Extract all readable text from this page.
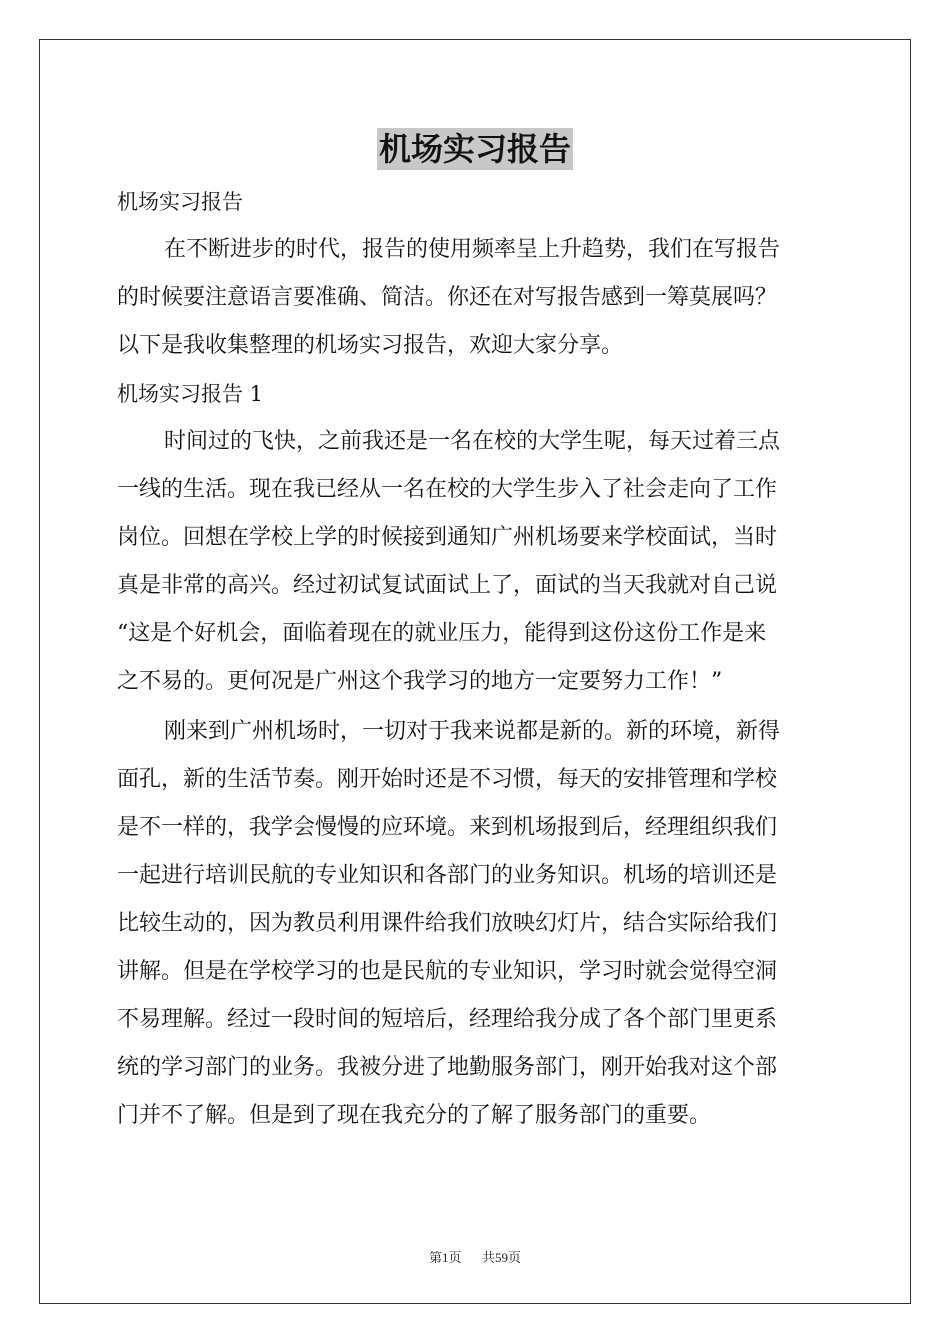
机场实习报告
机场实习报告
在不断进步的时代，报告的使用频率呈上升趋势，我们在写报告
的时候要注意语言要准确、简洁。你还在对写报告感到一筹莫展吗？
以下是我收集整理的机场实习报告，欢迎大家分享。
机场实习报告 1
时间过的飞快，之前我还是一名在校的大学生呢，每天过着三点
一线的生活。现在我已经从一名在校的大学生步入了社会走向了工作
岗位。回想在学校上学的时候接到通知广州机场要来学校面试，当时
真是非常的高兴。经过初试复试面试上了，面试的当天我就对自己说
“这是个好机会，面临着现在的就业压力，能得到这份这份工作是来
之不易的。更何况是广州这个我学习的地方一定要努力工作！”
刚来到广州机场时，一切对于我来说都是新的。新的环境，新得
面孔，新的生活节奏。刚开始时还是不习惯，每天的安排管理和学校
是不一样的，我学会慢慢的应环境。来到机场报到后，经理组织我们
一起进行培训民航的专业知识和各部门的业务知识。机场的培训还是
比较生动的，因为教员利用课件给我们放映幻灯片，结合实际给我们
讲解。但是在学校学习的也是民航的专业知识，学习时就会觉得空洞
不易理解。经过一段时间的短培后，经理给我分成了各个部门里更系
统的学习部门的业务。我被分进了地勤服务部门，刚开始我对这个部
门并不了解。但是到了现在我充分的了解了服务部门的重要。
第1页 共59页
